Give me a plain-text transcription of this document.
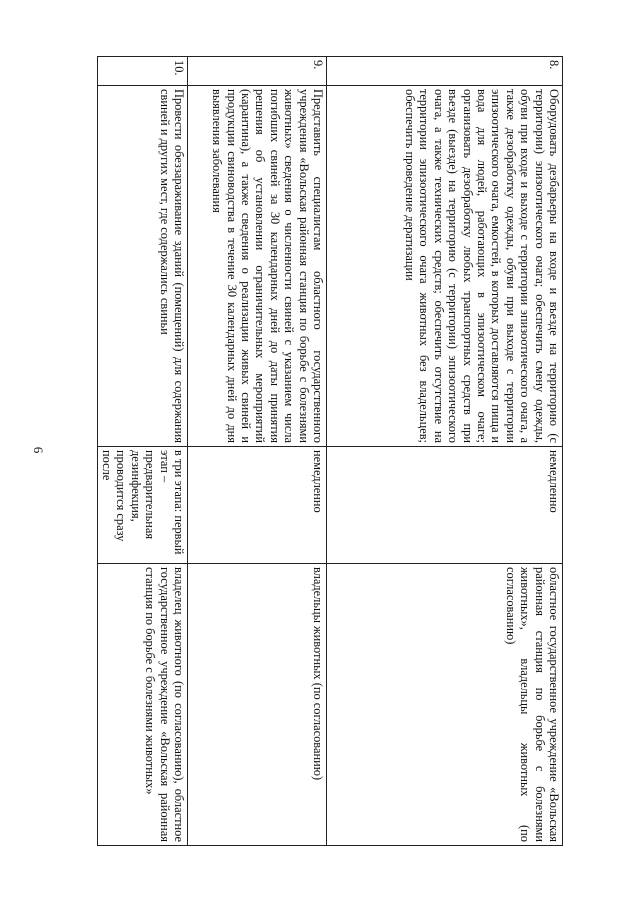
6
8.	Оборудовать дезбарьеры на входе и въезде на территорию (с территории) эпизоотического очага; обеспечить смену одежды, обуви при входе и выходе с территории эпизоотического очага, а также дезобработку одежды, обуви при выходе с территории эпизоотического очага, емкостей, в которых доставляются пища и вода для людей, работающих в эпизоотическом очаге; организовать дезобработку любых транспортных средств при въезде (выезде) на территорию (с территории) эпизоотического очага, а также технических средств; обеспечить отсутствие на территории эпизоотического очага животных без владельцев; обеспечить проведение дератизации	немедленно	областное государственное учреждение «Вольская районная станция по борьбе с болезнями животных», владельцы животных (по согласованию)
9.	Представить специалистам областного государственного учреждения «Вольская районная станция по борьбе с болезнями животных» сведения о численности свиней с указанием числа погибших свиней за 30 календарных дней до даты принятия решения об установлении ограничительных мероприятий (карантина), а также сведения о реализации живых свиней и продукции свиноводства в течение 30 календарных дней до дня выявления заболевания	немедленно	владельцы животных (по согласованию)
10.	Провести обеззараживание зданий (помещений) для содержания свиней и других мест, где содержались свиньи	в три этапа: первый этап – предварительная дезинфекция, проводится сразу после	владелец животного (по согласованию), областное государственное учреждение «Вольская районная станция по борьбе с болезнями животных»
